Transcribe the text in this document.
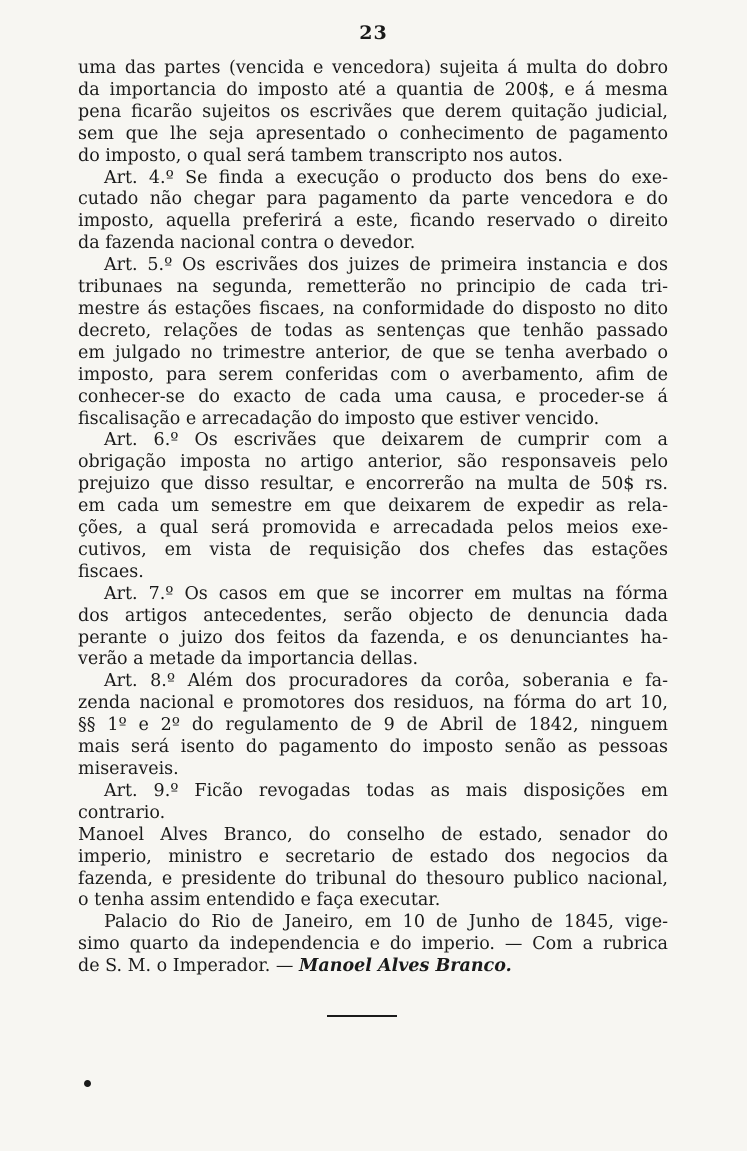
23
uma das partes (vencida e vencedora) sujeita á multa do dobro
da importancia do imposto até a quantia de 200$, e á mesma
pena ficarão sujeitos os escrivães que derem quitação judicial,
sem que lhe seja apresentado o conhecimento de pagamento
do imposto, o qual será tambem transcripto nos autos.
Art. 4.º Se finda a execução o producto dos bens do exe-
cutado não chegar para pagamento da parte vencedora e do
imposto, aquella preferirá a este, ficando reservado o direito
da fazenda nacional contra o devedor.
Art. 5.º Os escrivães dos juizes de primeira instancia e dos
tribunaes na segunda, remetterão no principio de cada tri-
mestre ás estações fiscaes, na conformidade do disposto no dito
decreto, relações de todas as sentenças que tenhão passado
em julgado no trimestre anterior, de que se tenha averbado o
imposto, para serem conferidas com o averbamento, afim de
conhecer-se do exacto de cada uma causa, e proceder-se á
fiscalisação e arrecadação do imposto que estiver vencido.
Art. 6.º Os escrivães que deixarem de cumprir com a
obrigação imposta no artigo anterior, são responsaveis pelo
prejuizo que disso resultar, e encorrerão na multa de 50$ rs.
em cada um semestre em que deixarem de expedir as rela-
ções, a qual será promovida e arrecadada pelos meios exe-
cutivos, em vista de requisição dos chefes das estações
fiscaes.
Art. 7.º Os casos em que se incorrer em multas na fórma
dos artigos antecedentes, serão objecto de denuncia dada
perante o juizo dos feitos da fazenda, e os denunciantes ha-
verão a metade da importancia dellas.
Art. 8.º Além dos procuradores da corôa, soberania e fa-
zenda nacional e promotores dos residuos, na fórma do art 10,
§§ 1º e 2º do regulamento de 9 de Abril de 1842, ninguem
mais será isento do pagamento do imposto senão as pessoas
miseraveis.
Art. 9.º Ficão revogadas todas as mais disposições em
contrario.
Manoel Alves Branco, do conselho de estado, senador do
imperio, ministro e secretario de estado dos negocios da
fazenda, e presidente do tribunal do thesouro publico nacional,
o tenha assim entendido e faça executar.
Palacio do Rio de Janeiro, em 10 de Junho de 1845, vige-
simo quarto da independencia e do imperio. — Com a rubrica
de S. M. o Imperador. — Manoel Alves Branco.
